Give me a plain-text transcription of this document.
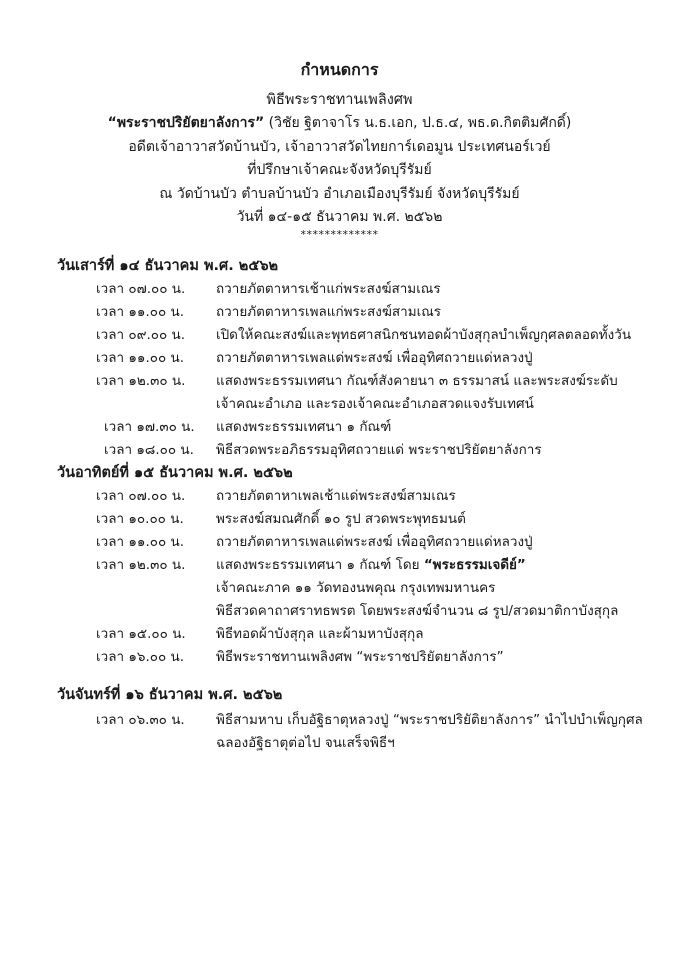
กำหนดการ
พิธีพระราชทานเพลิงศพ
“พระราชปริยัตยาลังการ” (วิชัย ฐิตาจาโร น.ธ.เอก, ป.ธ.๔, พธ.ด.กิตติมศักดิ์)
อดีตเจ้าอาวาสวัดบ้านบัว, เจ้าอาวาสวัดไทยการ์เดอมูน ประเทศนอร์เวย์
ที่ปรึกษาเจ้าคณะจังหวัดบุรีรัมย์
ณ วัดบ้านบัว ตำบลบ้านบัว อำเภอเมืองบุรีรัมย์ จังหวัดบุรีรัมย์
วันที่ ๑๔-๑๕ ธันวาคม พ.ศ. ๒๕๖๒
*************
วันเสาร์ที่ ๑๔ ธันวาคม พ.ศ. ๒๕๖๒
เวลา ๐๗.๐๐ น. ถวายภัตตาหารเช้าแก่พระสงฆ์สามเณร
เวลา ๑๑.๐๐ น. ถวายภัตตาหารเพลแก่พระสงฆ์สามเณร
เวลา ๐๙.๐๐ น. เปิดให้คณะสงฆ์และพุทธศาสนิกชนทอดผ้าบังสุกุลบำเพ็ญกุศลตลอดทั้งวัน
เวลา ๑๑.๐๐ น. ถวายภัตตาหารเพลแด่พระสงฆ์ เพื่ออุทิศถวายแด่หลวงปู่
เวลา ๑๒.๓๐ น. แสดงพระธรรมเทศนา กัณฑ์สังคายนา ๓ ธรรมาสน์ และพระสงฆ์ระดับ
เจ้าคณะอำเภอ และรองเจ้าคณะอำเภอสวดแจงรับเทศน์
เวลา ๑๗.๓๐ น. แสดงพระธรรมเทศนา ๑ กัณฑ์
เวลา ๑๘.๐๐ น. พิธีสวดพระอภิธรรมอุทิศถวายแด่ พระราชปริยัตยาลังการ
วันอาทิตย์ที่ ๑๕ ธันวาคม พ.ศ. ๒๕๖๒
เวลา ๐๗.๐๐ น. ถวายภัตตาหาเพลเช้าแด่พระสงฆ์สามเณร
เวลา ๑๐.๐๐ น. พระสงฆ์สมณศักดิ์ ๑๐ รูป สวดพระพุทธมนต์
เวลา ๑๑.๐๐ น. ถวายภัตตาหารเพลแด่พระสงฆ์ เพื่ออุทิศถวายแด่หลวงปู่
เวลา ๑๒.๓๐ น. แสดงพระธรรมเทศนา ๑ กัณฑ์ โดย “พระธรรมเจดีย์”
เจ้าคณะภาค ๑๑ วัดทองนพคุณ กรุงเทพมหานคร
พิธีสวดคาถาศราทธพรต โดยพระสงฆ์จำนวน ๘ รูป/สวดมาติกาบังสุกุล
เวลา ๑๕.๐๐ น. พิธีทอดผ้าบังสุกุล และผ้ามหาบังสุกุล
เวลา ๑๖.๐๐ น. พิธีพระราชทานเพลิงศพ “พระราชปริยัตยาลังการ”
วันจันทร์ที่ ๑๖ ธันวาคม พ.ศ. ๒๕๖๒
เวลา ๐๖.๓๐ น. พิธีสามหาบ เก็บอัฐิธาตุหลวงปู่ “พระราชปริยัติยาลังการ” นำไปบำเพ็ญกุศล
ฉลองอัฐิธาตุต่อไป จนเสร็จพิธีฯ
